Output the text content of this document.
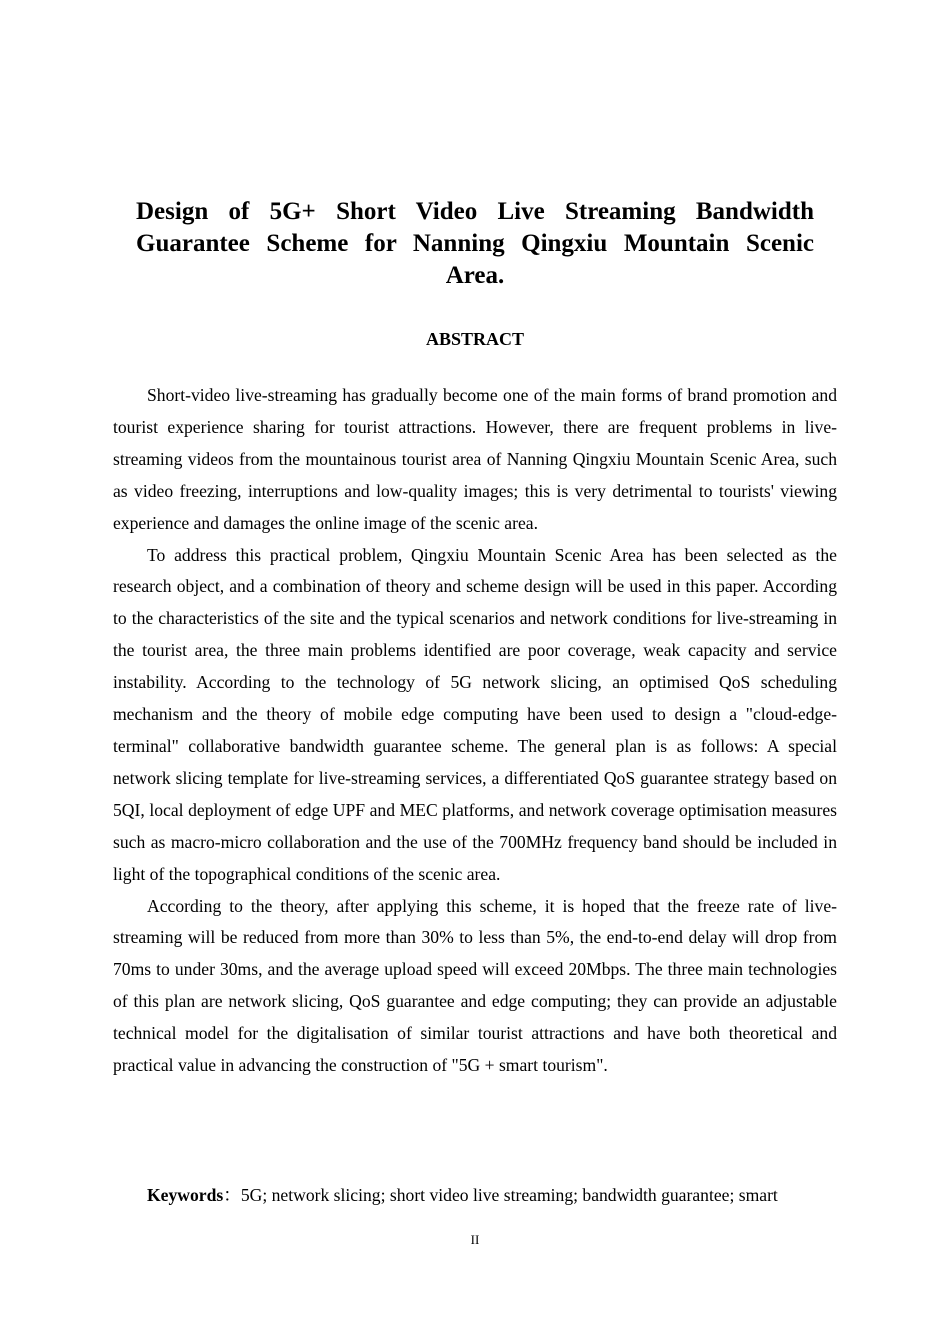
Design of 5G+ Short Video Live Streaming Bandwidth
Guarantee Scheme for Nanning Qingxiu Mountain Scenic
Area.
ABSTRACT

Short-video live-streaming has gradually become one of the main forms of brand promotion and tourist experience sharing for tourist attractions. However, there are frequent problems in live-streaming videos from the mountainous tourist area of Nanning Qingxiu Mountain Scenic Area, such as video freezing, interruptions and low-quality images; this is very detrimental to tourists' viewing experience and damages the online image of the scenic area.

To address this practical problem, Qingxiu Mountain Scenic Area has been selected as the research object, and a combination of theory and scheme design will be used in this paper. According to the characteristics of the site and the typical scenarios and network conditions for live-streaming in the tourist area, the three main problems identified are poor coverage, weak capacity and service instability. According to the technology of 5G network slicing, an optimised QoS scheduling mechanism and the theory of mobile edge computing have been used to design a "cloud-edge-terminal" collaborative bandwidth guarantee scheme. The general plan is as follows: A special network slicing template for live-streaming services, a differentiated QoS guarantee strategy based on 5QI, local deployment of edge UPF and MEC platforms, and network coverage optimisation measures such as macro-micro collaboration and the use of the 700MHz frequency band should be included in light of the topographical conditions of the scenic area.

According to the theory, after applying this scheme, it is hoped that the freeze rate of live-streaming will be reduced from more than 30% to less than 5%, the end-to-end delay will drop from 70ms to under 30ms, and the average upload speed will exceed 20Mbps. The three main technologies of this plan are network slicing, QoS guarantee and edge computing; they can provide an adjustable technical model for the digitalisation of similar tourist attractions and have both theoretical and practical value in advancing the construction of "5G + smart tourism".

Keywords：5G; network slicing; short video live streaming; bandwidth guarantee; smart
II
